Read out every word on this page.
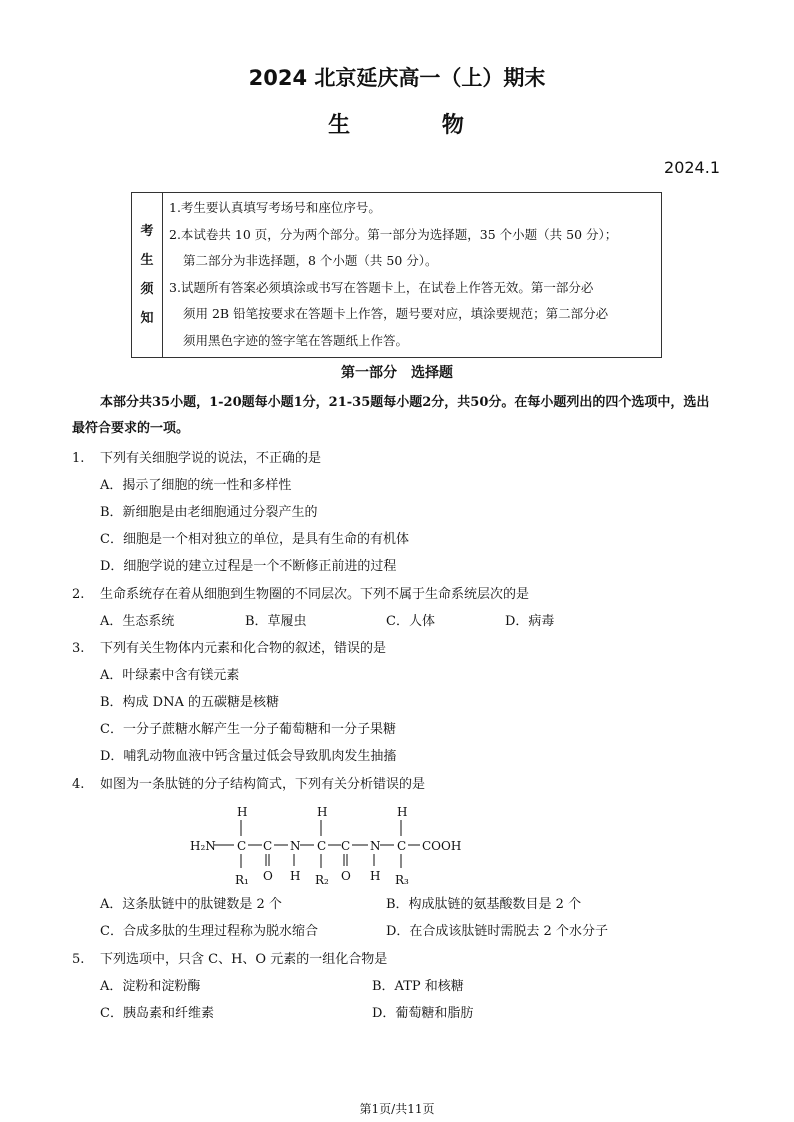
2024 北京延庆高一（上）期末
生 物
2024.1
考
生
须
知
1.考生要认真填写考场号和座位序号。
2.本试卷共 10 页，分为两个部分。第一部分为选择题，35 个小题（共 50 分）；
第二部分为非选择题，8 个小题（共 50 分）。
3.试题所有答案必须填涂或书写在答题卡上，在试卷上作答无效。第一部分必
须用 2B 铅笔按要求在答题卡上作答，题号要对应，填涂要规范；第二部分必
须用黑色字迹的签字笔在答题纸上作答。
第一部分　选择题
本部分共35小题，1-20题每小题1分，21-35题每小题2分，共50分。在每小题列出的四个选项中，选出最符合要求的一项。
1. 下列有关细胞学说的说法，不正确的是
A．揭示了细胞的统一性和多样性
B．新细胞是由老细胞通过分裂产生的
C．细胞是一个相对独立的单位，是具有生命的有机体
D．细胞学说的建立过程是一个不断修正前进的过程
2. 生命系统存在着从细胞到生物圈的不同层次。下列不属于生命系统层次的是
A．生态系统	B．草履虫	C．人体	D．病毒
3. 下列有关生物体内元素和化合物的叙述，错误的是
A．叶绿素中含有镁元素
B．构成 DNA 的五碳糖是核糖
C．一分子蔗糖水解产生一分子葡萄糖和一分子果糖
D．哺乳动物血液中钙含量过低会导致肌肉发生抽搐
4. 如图为一条肽链的分子结构简式，下列有关分析错误的是
H	H	H
H₂N C C N C C N C COOH
R₁ O H R₂ O H R₃
A．这条肽链中的肽键数是 2 个	B．构成肽链的氨基酸数目是 2 个
C．合成多肽的生理过程称为脱水缩合	D．在合成该肽链时需脱去 2 个水分子
5. 下列选项中，只含 C、H、O 元素的一组化合物是
A．淀粉和淀粉酶	B．ATP 和核糖
C．胰岛素和纤维素	D．葡萄糖和脂肪
第1页/共11页
